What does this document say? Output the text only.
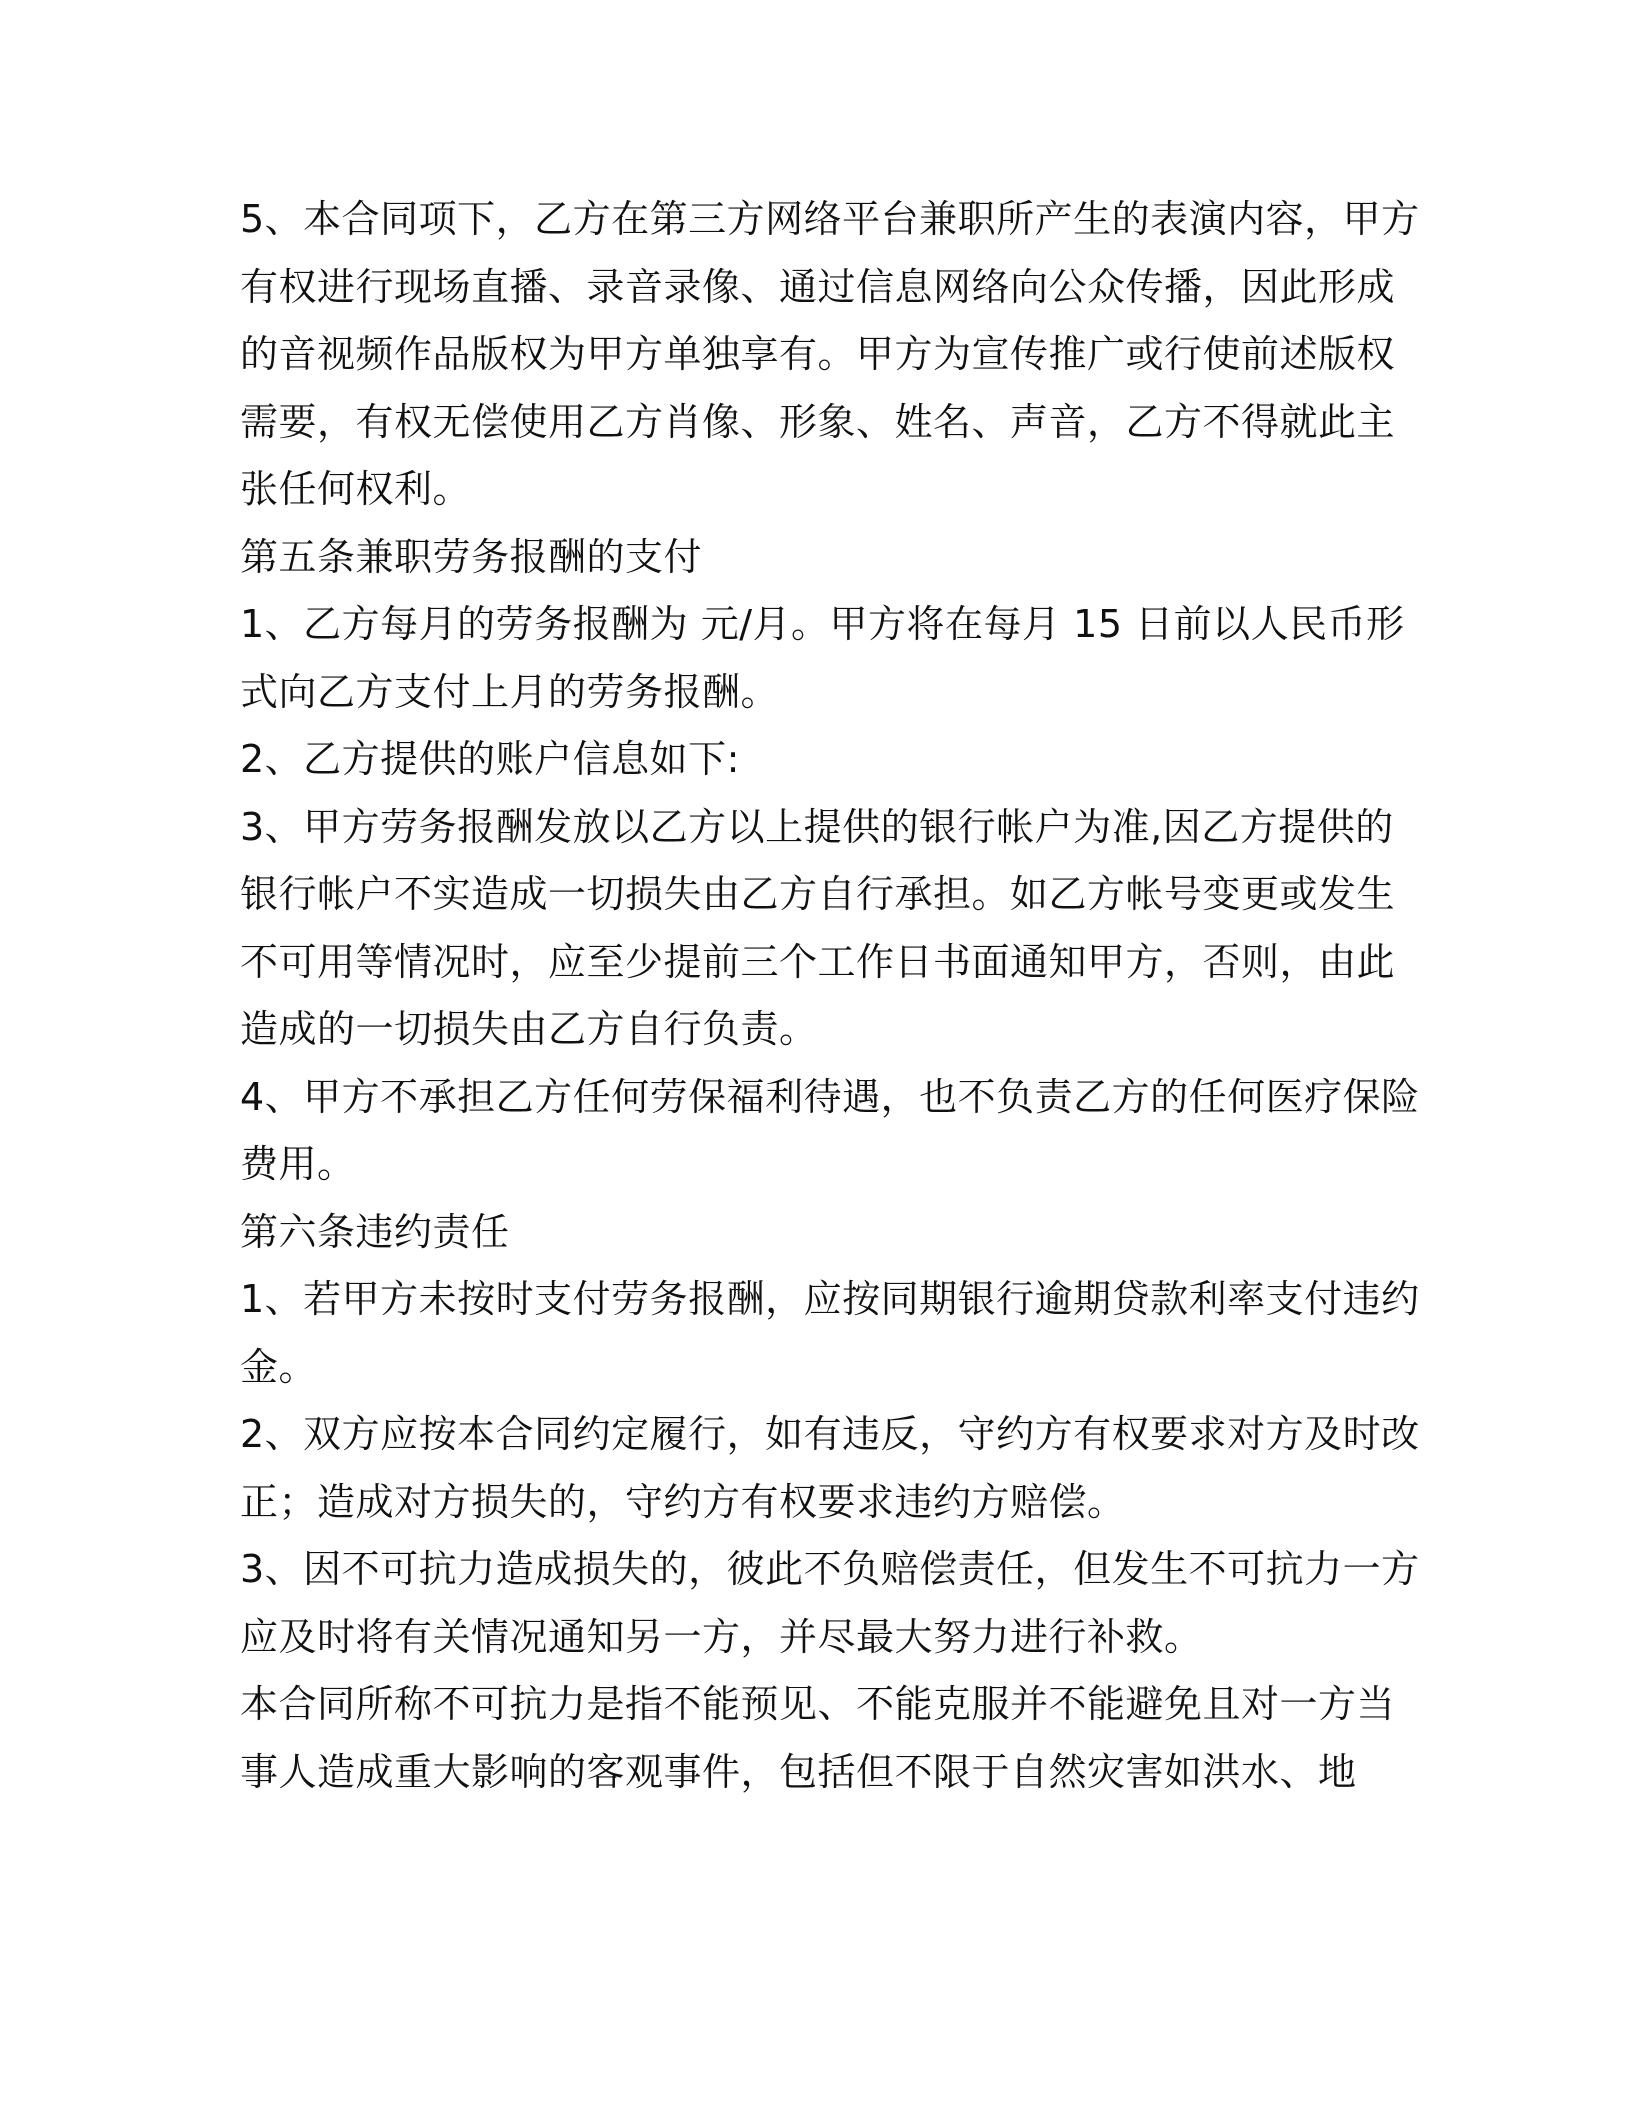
5、本合同项下，乙方在第三方网络平台兼职所产生的表演内容，甲方
有权进行现场直播、录音录像、通过信息网络向公众传播，因此形成
的音视频作品版权为甲方单独享有。甲方为宣传推广或行使前述版权
需要，有权无偿使用乙方肖像、形象、姓名、声音，乙方不得就此主
张任何权利。

第五条兼职劳务报酬的支付

1、乙方每月的劳务报酬为 元/月。甲方将在每月 15 日前以人民币形
式向乙方支付上月的劳务报酬。

2、乙方提供的账户信息如下:

3、甲方劳务报酬发放以乙方以上提供的银行帐户为准,因乙方提供的
银行帐户不实造成一切损失由乙方自行承担。如乙方帐号变更或发生
不可用等情况时，应至少提前三个工作日书面通知甲方，否则，由此
造成的一切损失由乙方自行负责。

4、甲方不承担乙方任何劳保福利待遇，也不负责乙方的任何医疗保险
费用。

第六条违约责任

1、若甲方未按时支付劳务报酬，应按同期银行逾期贷款利率支付违约
金。

2、双方应按本合同约定履行，如有违反，守约方有权要求对方及时改
正；造成对方损失的，守约方有权要求违约方赔偿。

3、因不可抗力造成损失的，彼此不负赔偿责任，但发生不可抗力一方
应及时将有关情况通知另一方，并尽最大努力进行补救。

本合同所称不可抗力是指不能预见、不能克服并不能避免且对一方当
事人造成重大影响的客观事件，包括但不限于自然灾害如洪水、地
